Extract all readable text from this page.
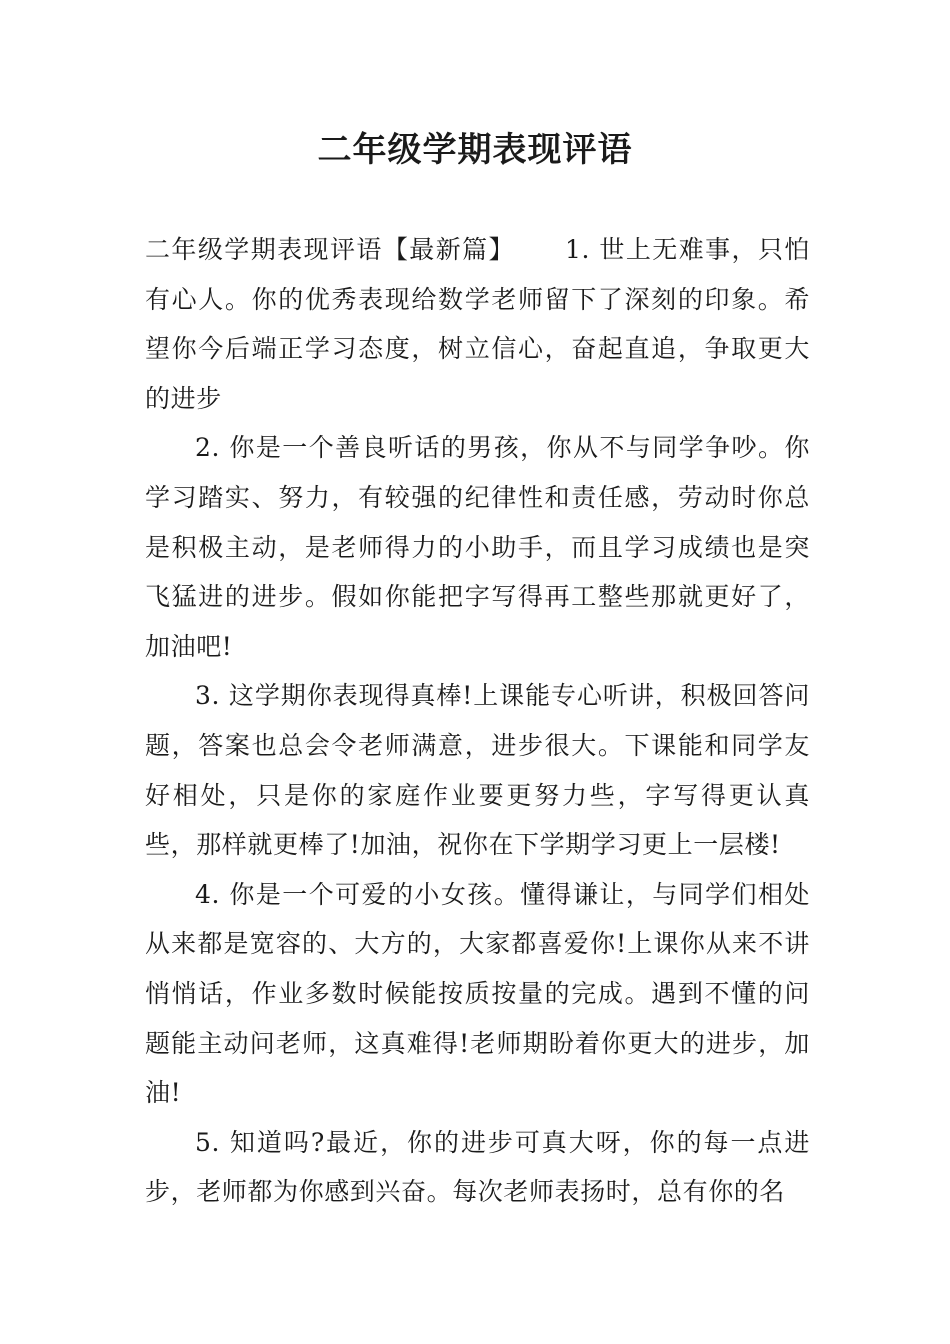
二年级学期表现评语

二年级学期表现评语【最新篇】 1. 世上无难事，只怕有心人。你的优秀表现给数学老师留下了深刻的印象。希望你今后端正学习态度，树立信心，奋起直追，争取更大的进步

2. 你是一个善良听话的男孩，你从不与同学争吵。你学习踏实、努力，有较强的纪律性和责任感，劳动时你总是积极主动，是老师得力的小助手，而且学习成绩也是突飞猛进的进步。假如你能把字写得再工整些那就更好了，加油吧!

3. 这学期你表现得真棒!上课能专心听讲，积极回答问题，答案也总会令老师满意，进步很大。下课能和同学友好相处，只是你的家庭作业要更努力些，字写得更认真些，那样就更棒了!加油，祝你在下学期学习更上一层楼!

4. 你是一个可爱的小女孩。懂得谦让，与同学们相处从来都是宽容的、大方的，大家都喜爱你!上课你从来不讲悄悄话，作业多数时候能按质按量的完成。遇到不懂的问题能主动问老师，这真难得!老师期盼着你更大的进步，加油!

5. 知道吗?最近，你的进步可真大呀，你的每一点进步，老师都为你感到兴奋。每次老师表扬时，总有你的名
